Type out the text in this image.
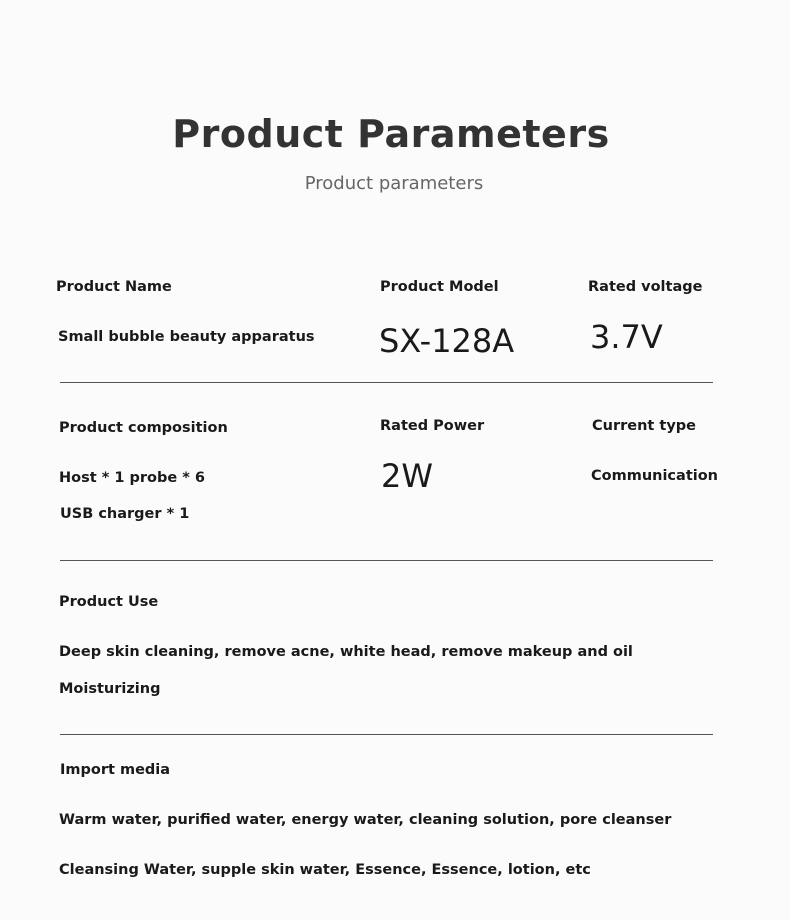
Product Parameters
Product parameters
Product Name
Small bubble beauty apparatus
Product Model
SX-128A
Rated voltage
3.7V
Product composition
Host * 1 probe * 6
USB charger * 1
Rated Power
2W
Current type
Communication
Product Use
Deep skin cleaning, remove acne, white head, remove makeup and oil
Moisturizing
Import media
Warm water, purified water, energy water, cleaning solution, pore cleanser
Cleansing Water, supple skin water, Essence, Essence, lotion, etc
